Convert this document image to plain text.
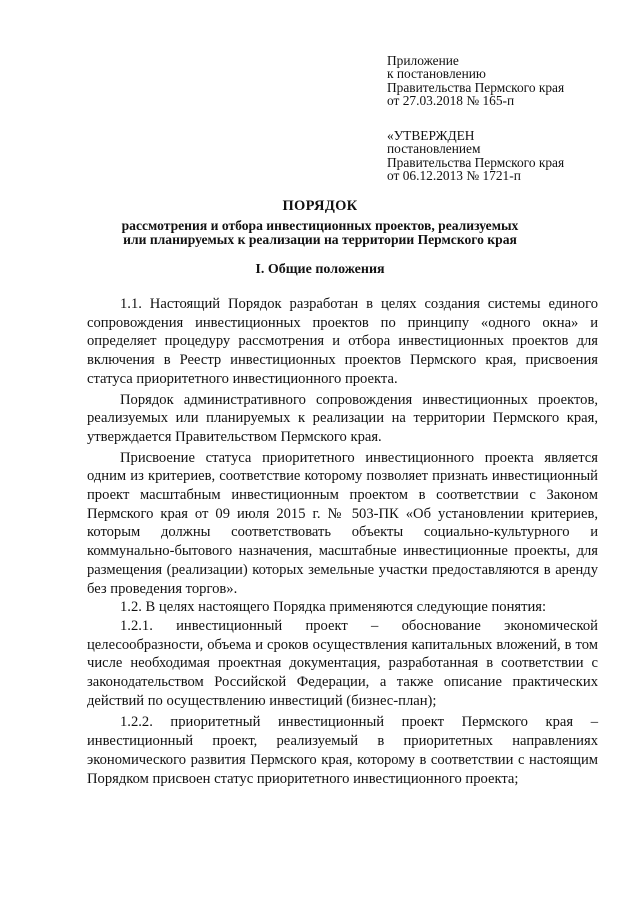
Приложение
к постановлению
Правительства Пермского края
от 27.03.2018 № 165-п
«УТВЕРЖДЕН
постановлением
Правительства Пермского края
от 06.12.2013 № 1721-п
ПОРЯДОК
рассмотрения и отбора инвестиционных проектов, реализуемых
или планируемых к реализации на территории Пермского края
I. Общие положения

1.1. Настоящий Порядок разработан в целях создания системы единого сопровождения инвестиционных проектов по принципу «одного окна» и определяет процедуру рассмотрения и отбора инвестиционных проектов для включения в Реестр инвестиционных проектов Пермского края, присвоения статуса приоритетного инвестиционного проекта.

Порядок административного сопровождения инвестиционных проектов, реализуемых или планируемых к реализации на территории Пермского края, утверждается Правительством Пермского края.

Присвоение статуса приоритетного инвестиционного проекта является одним из критериев, соответствие которому позволяет признать инвестиционный проект масштабным инвестиционным проектом в соответствии с Законом Пермского края от 09 июля 2015 г. № 503-ПК «Об установлении критериев, которым должны соответствовать объекты социально-культурного и коммунально-бытового назначения, масштабные инвестиционные проекты, для размещения (реализации) которых земельные участки предоставляются в аренду без проведения торгов».

1.2. В целях настоящего Порядка применяются следующие понятия:

1.2.1. инвестиционный проект – обоснование экономической целесообразности, объема и сроков осуществления капитальных вложений, в том числе необходимая проектная документация, разработанная в соответствии с законодательством Российской Федерации, а также описание практических действий по осуществлению инвестиций (бизнес-план);

1.2.2. приоритетный инвестиционный проект Пермского края – инвестиционный проект, реализуемый в приоритетных направлениях экономического развития Пермского края, которому в соответствии с настоящим Порядком присвоен статус приоритетного инвестиционного проекта;
